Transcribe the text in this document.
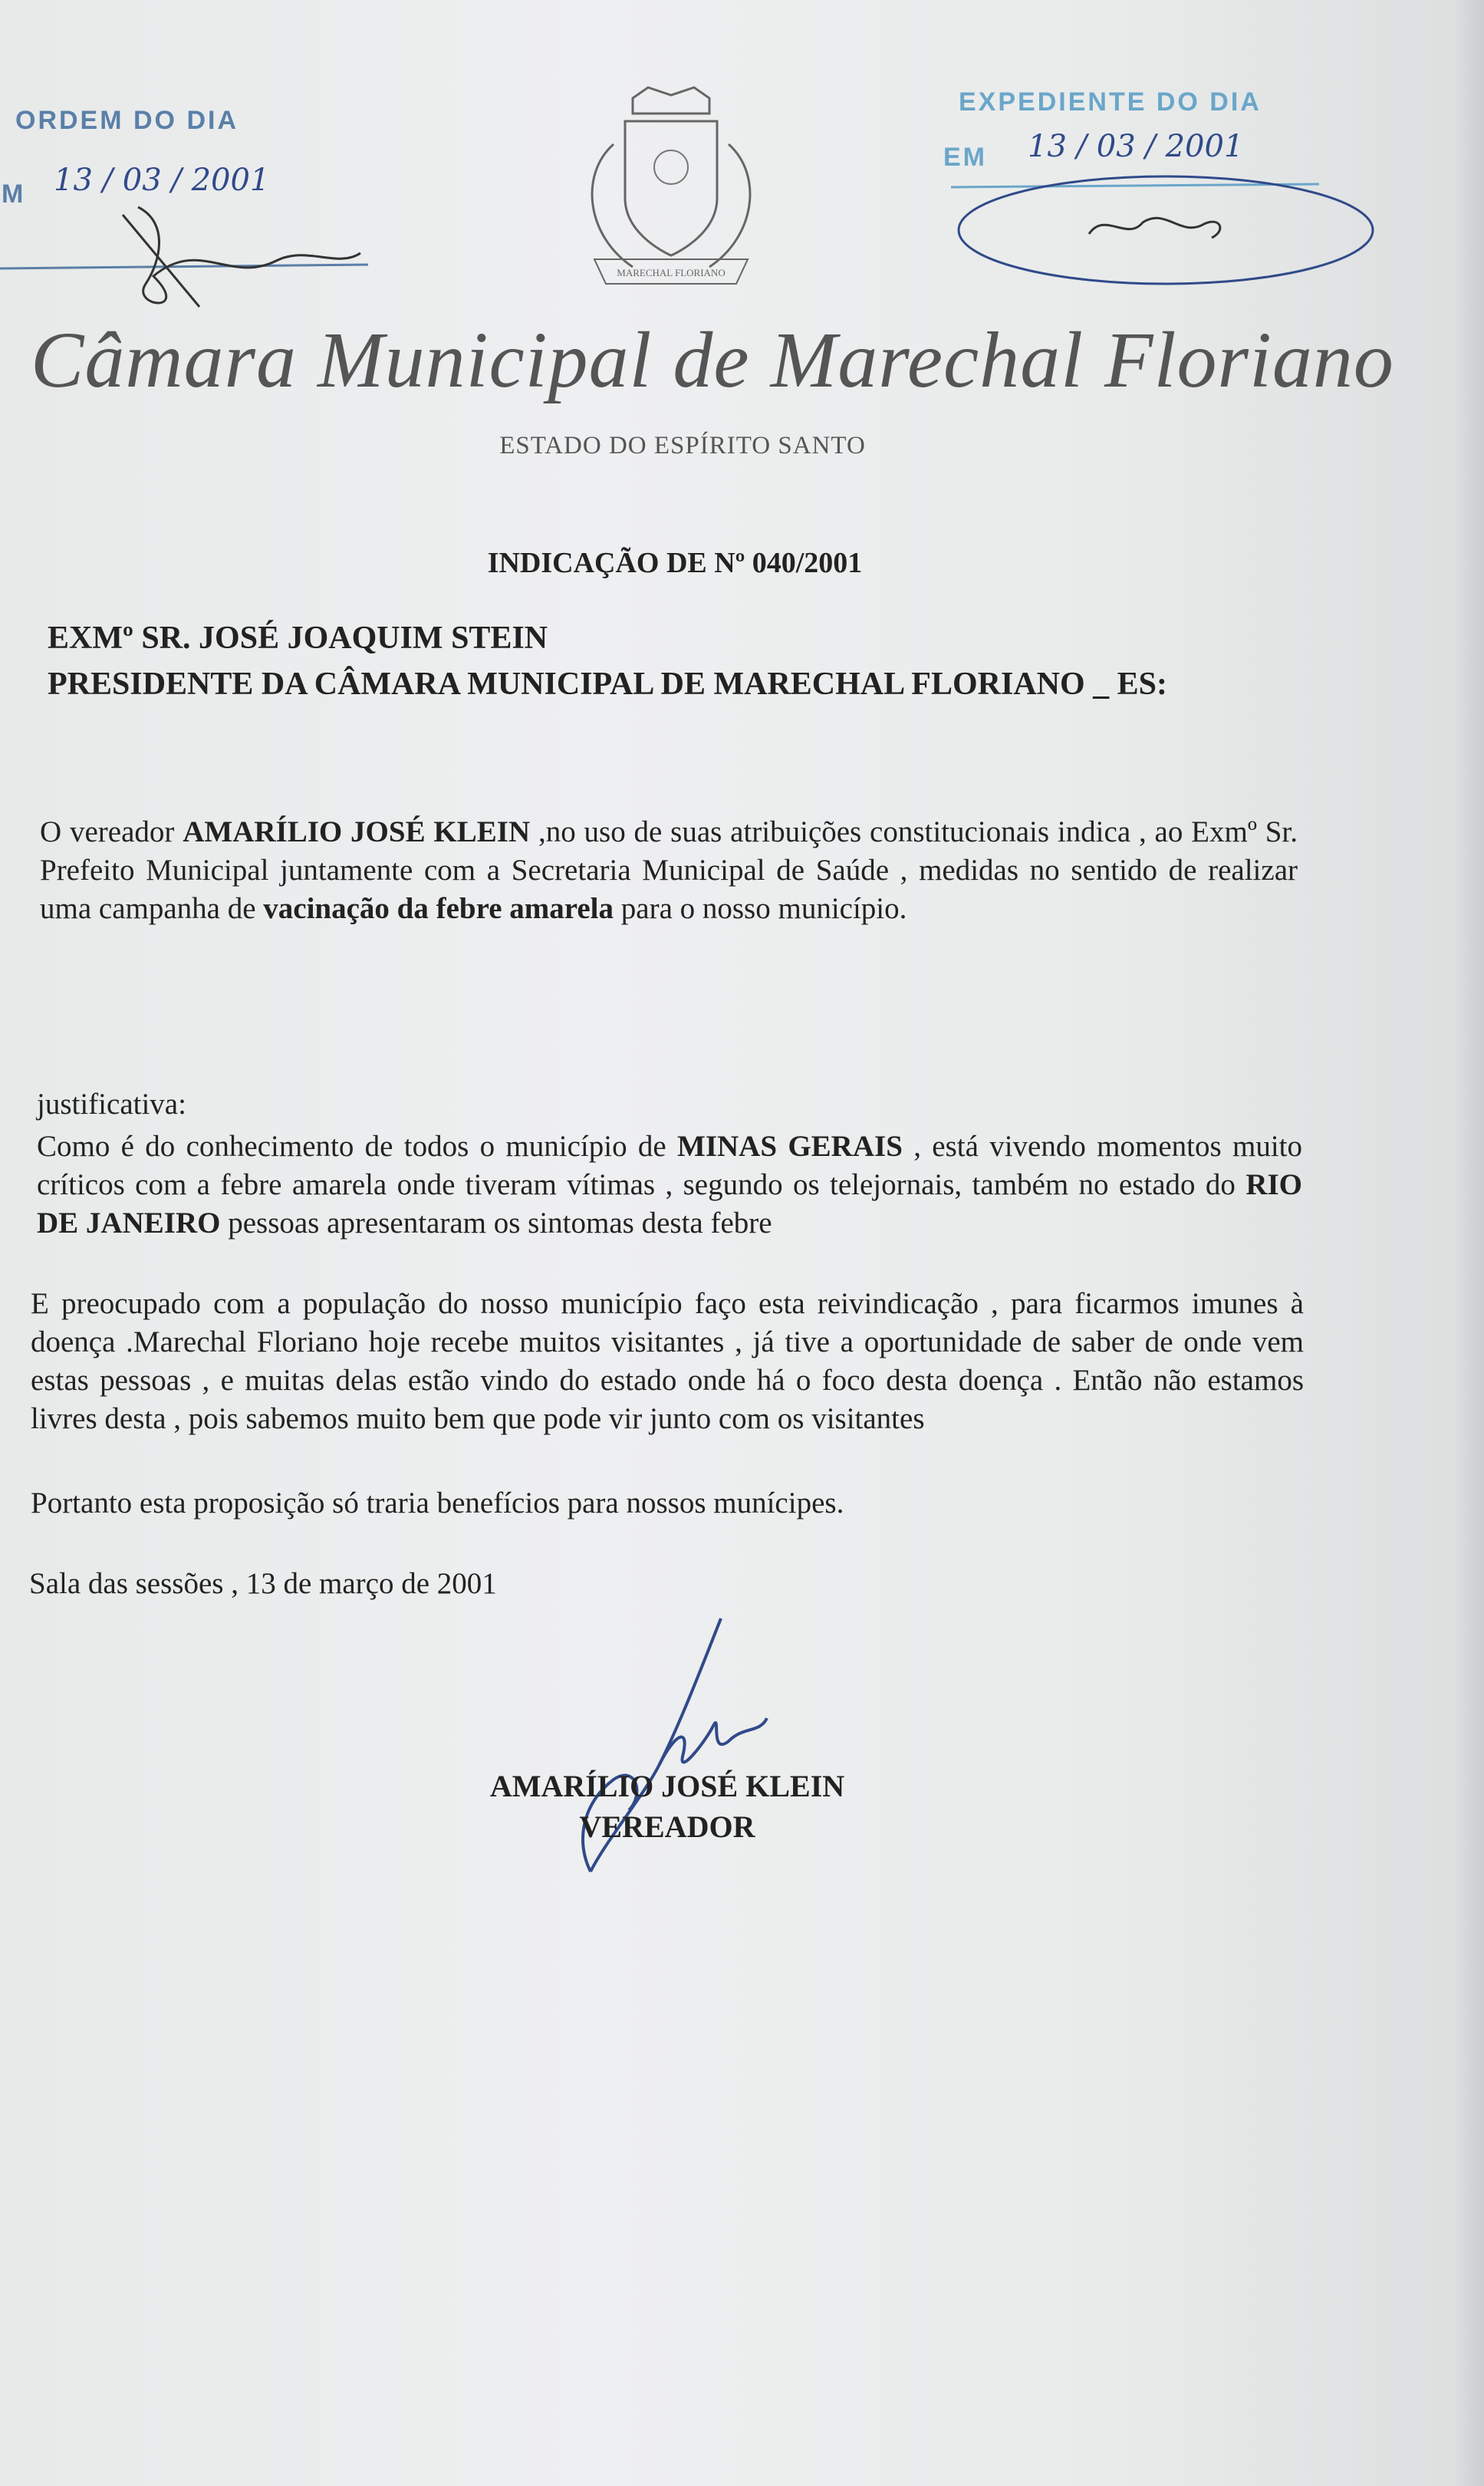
ORDEM DO DIA
M 13 / 03 / 2001
EXPEDIENTE DO DIA
EM 13 / 03 / 2001
MARECHAL FLORIANO
Câmara Municipal de Marechal Floriano
ESTADO DO ESPÍRITO SANTO
INDICAÇÃO DE Nº 040/2001
EXMº SR. JOSÉ JOAQUIM STEIN
PRESIDENTE DA CÂMARA MUNICIPAL DE MARECHAL FLORIANO _ ES:
O vereador AMARÍLIO JOSÉ KLEIN ,no uso de suas atribuições constitucionais indica , ao Exmº Sr. Prefeito Municipal juntamente com a Secretaria Municipal de Saúde , medidas no sentido de realizar uma campanha de vacinação da febre amarela para o nosso município.
justificativa:
Como é do conhecimento de todos o município de MINAS GERAIS , está vivendo momentos muito críticos com a febre amarela onde tiveram vítimas , segundo os telejornais, também no estado do RIO DE JANEIRO pessoas apresentaram os sintomas desta febre
E preocupado com a população do nosso município faço esta reivindicação , para ficarmos imunes à doença .Marechal Floriano hoje recebe muitos visitantes , já tive a oportunidade de saber de onde vem estas pessoas , e muitas delas estão vindo do estado onde há o foco desta doença . Então não estamos livres desta , pois sabemos muito bem que pode vir junto com os visitantes
Portanto esta proposição só traria benefícios para nossos munícipes.
Sala das sessões , 13 de março de 2001
AMARÍLIO JOSÉ KLEIN
VEREADOR
